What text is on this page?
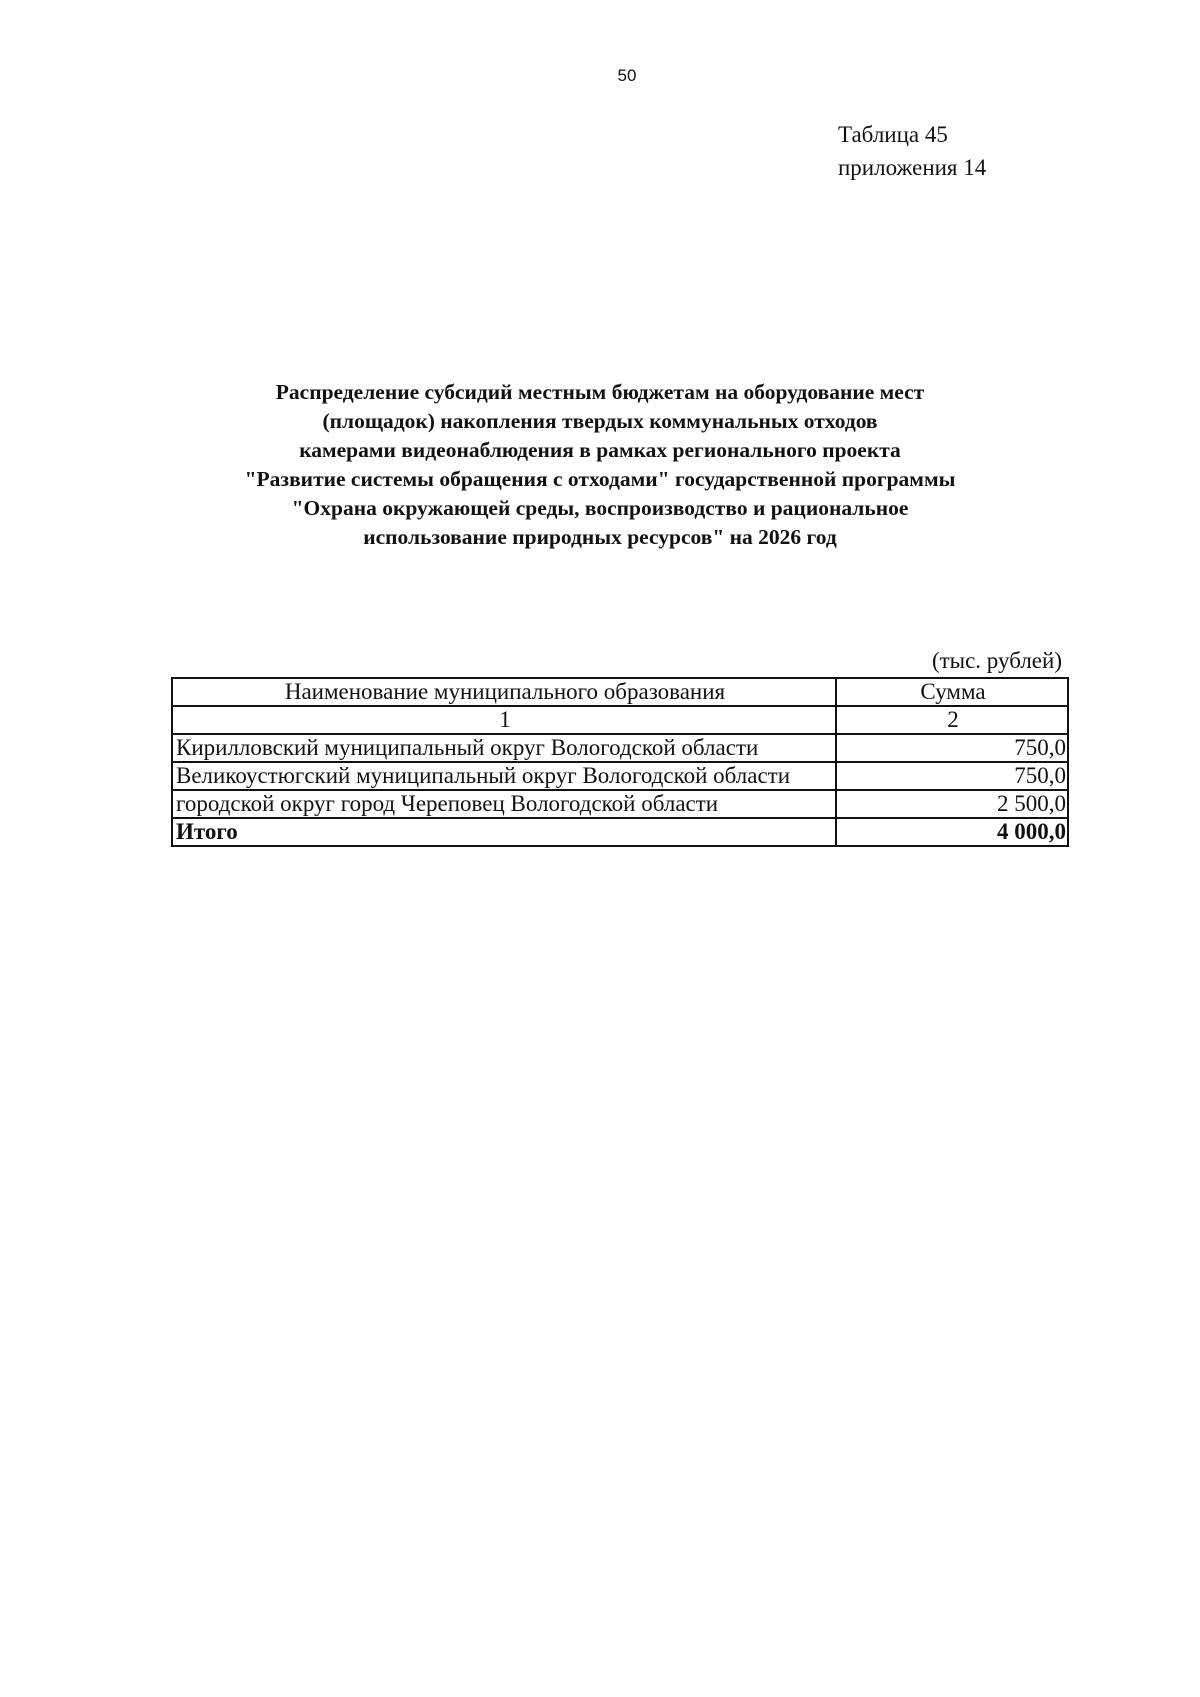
50
Таблица 45
приложения 14
Распределение субсидий местным бюджетам на оборудование мест
(площадок) накопления твердых коммунальных отходов
камерами видеонаблюдения в рамках регионального проекта
"Развитие системы обращения с отходами" государственной программы
"Охрана окружающей среды, воспроизводство и рациональное
использование природных ресурсов" на 2026 год
(тыс. рублей)
Наименование муниципального образования	Сумма
1	2
Кирилловский муниципальный округ Вологодской области	750,0
Великоустюгский муниципальный округ Вологодской области	750,0
городской округ город Череповец Вологодской области	2 500,0
Итого	4 000,0
